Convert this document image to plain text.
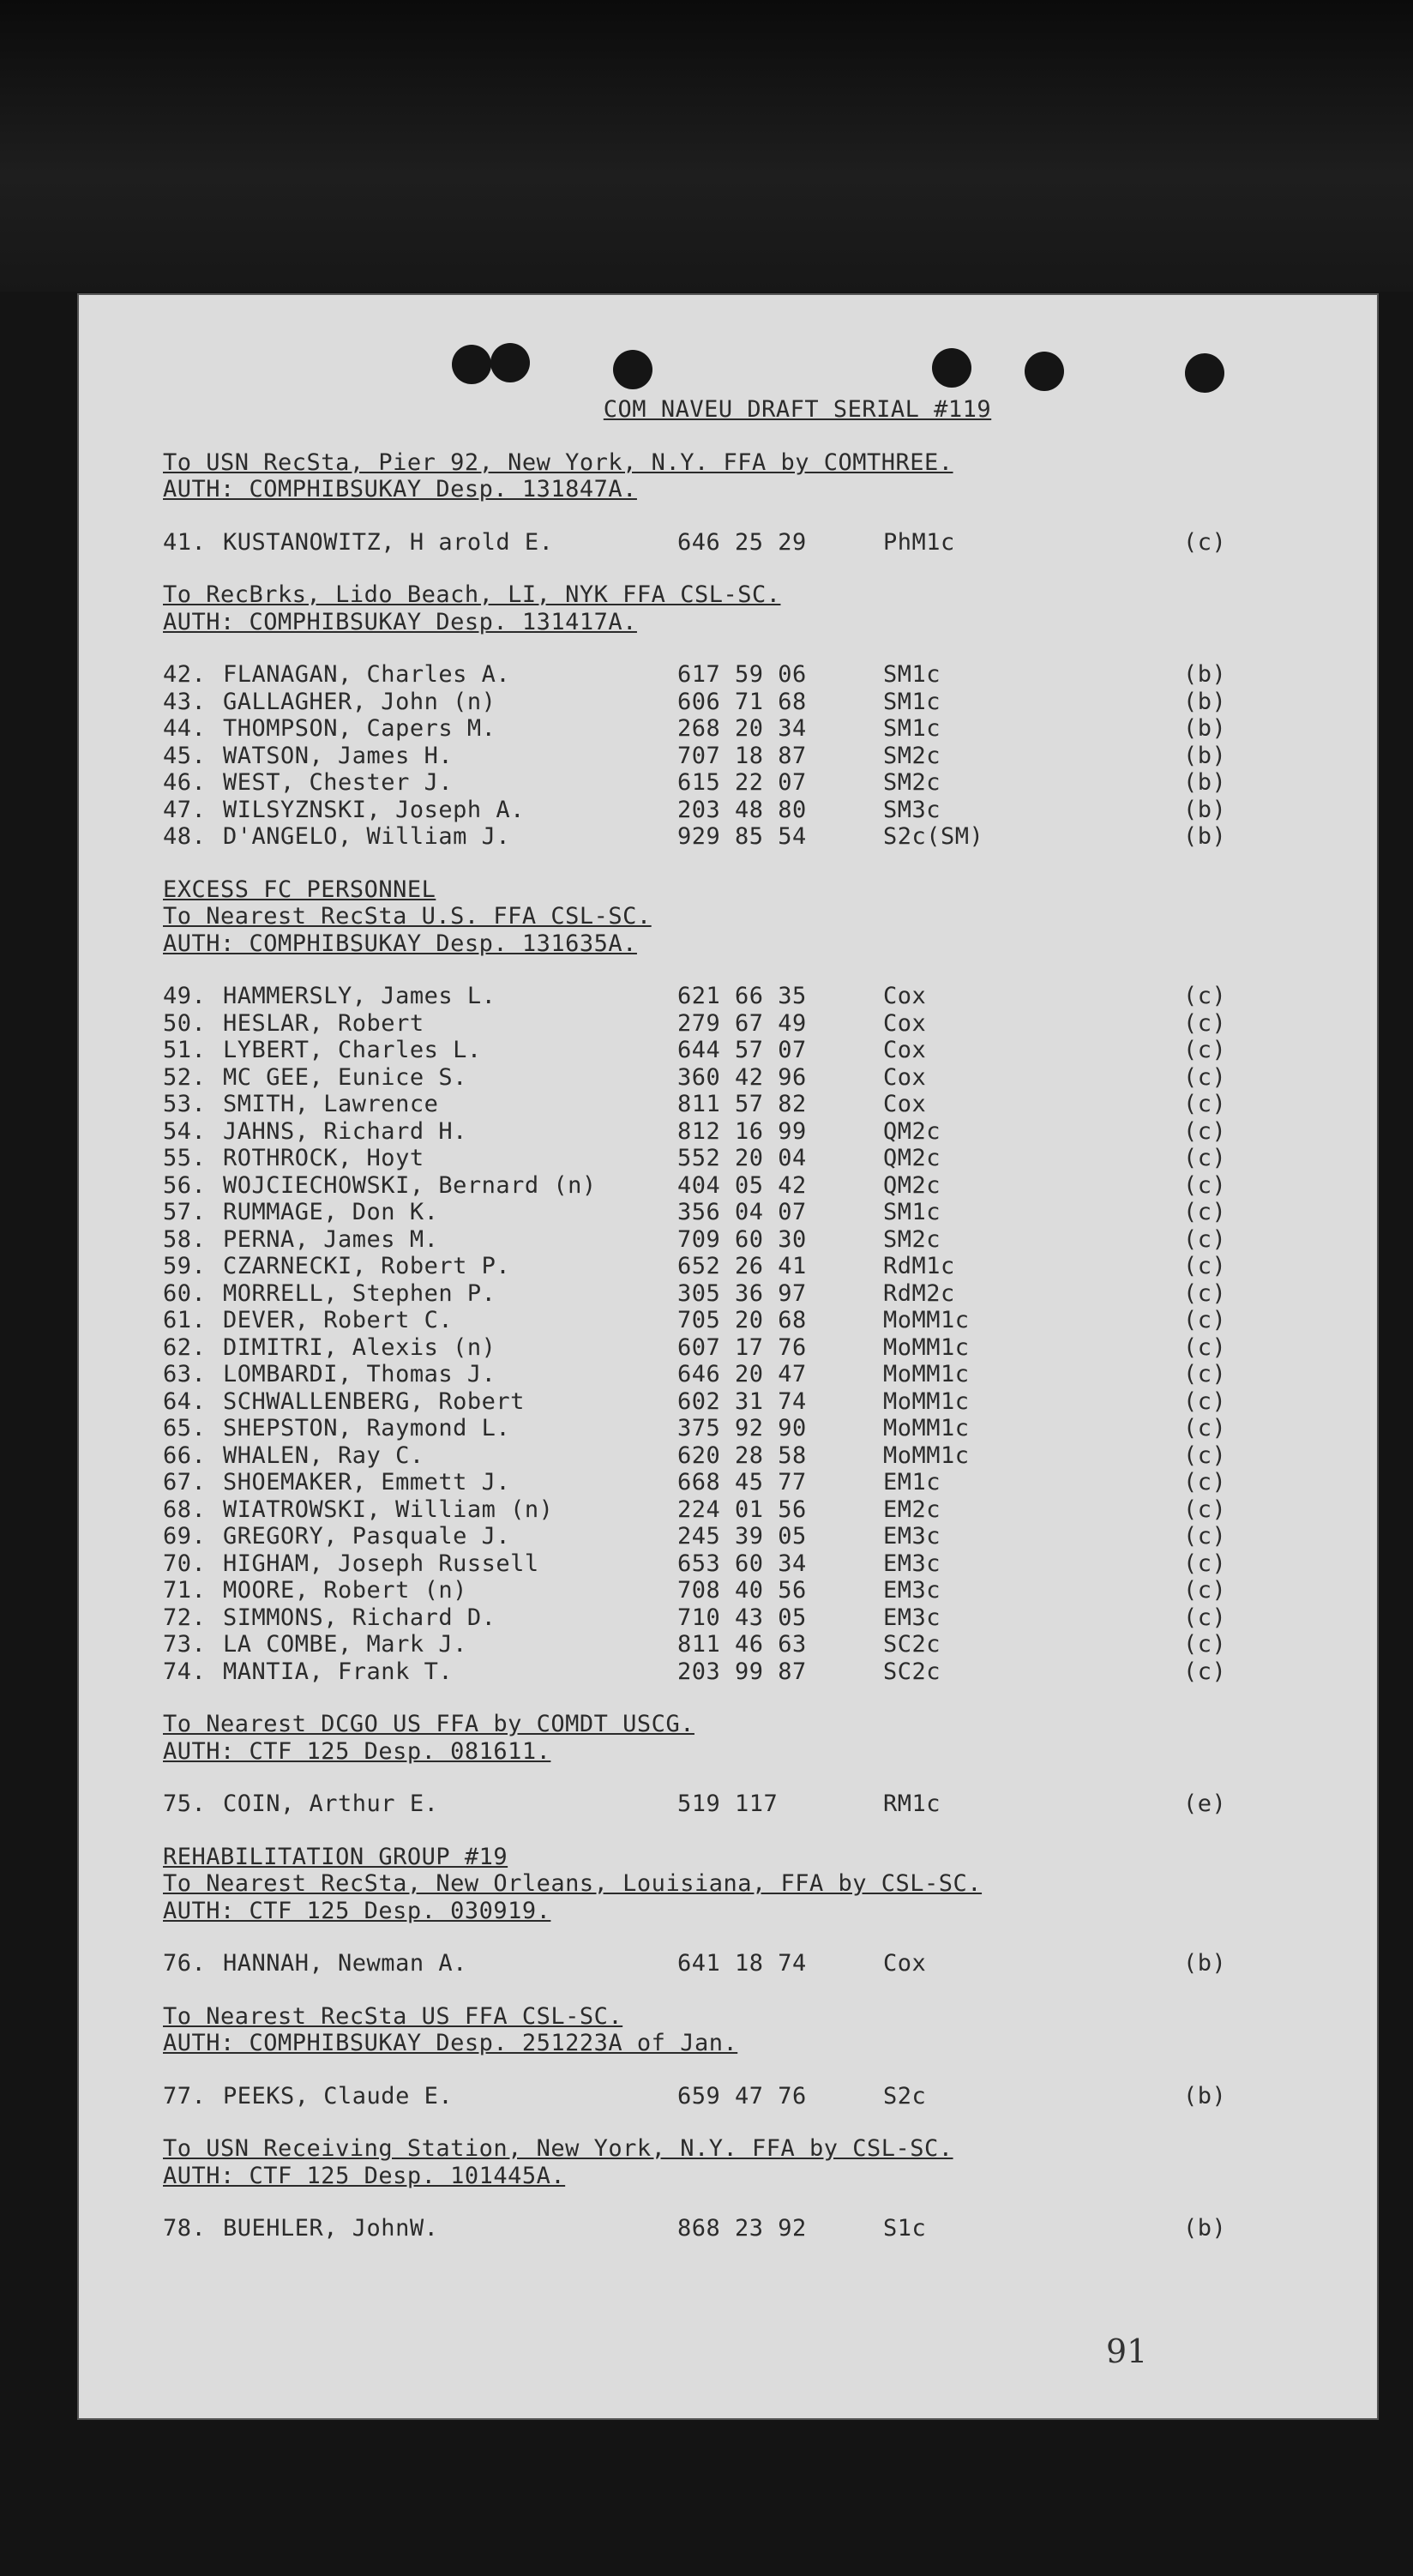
COM NAVEU DRAFT SERIAL #119
To USN RecSta, Pier 92, New York, N.Y. FFA by COMTHREE.
AUTH: COMPHIBSUKAY Desp. 131847A.
41. KUSTANOWITZ, H arold E.	646 25 29	PhM1c	(c)
To RecBrks, Lido Beach, LI, NYK FFA CSL-SC.
AUTH: COMPHIBSUKAY Desp. 131417A.
42. FLANAGAN, Charles A.	617 59 06	SM1c	(b)
43. GALLAGHER, John (n)	606 71 68	SM1c	(b)
44. THOMPSON, Capers M.	268 20 34	SM1c	(b)
45. WATSON, James H.	707 18 87	SM2c	(b)
46. WEST, Chester J.	615 22 07	SM2c	(b)
47. WILSYZNSKI, Joseph A.	203 48 80	SM3c	(b)
48. D'ANGELO, William J.	929 85 54	S2c(SM)	(b)
EXCESS FC PERSONNEL
To Nearest RecSta U.S. FFA CSL-SC.
AUTH: COMPHIBSUKAY Desp. 131635A.
49. HAMMERSLY, James L.	621 66 35	Cox	(c)
50. HESLAR, Robert	279 67 49	Cox	(c)
51. LYBERT, Charles L.	644 57 07	Cox	(c)
52. MC GEE, Eunice S.	360 42 96	Cox	(c)
53. SMITH, Lawrence	811 57 82	Cox	(c)
54. JAHNS, Richard H.	812 16 99	QM2c	(c)
55. ROTHROCK, Hoyt	552 20 04	QM2c	(c)
56. WOJCIECHOWSKI, Bernard (n)	404 05 42	QM2c	(c)
57. RUMMAGE, Don K.	356 04 07	SM1c	(c)
58. PERNA, James M.	709 60 30	SM2c	(c)
59. CZARNECKI, Robert P.	652 26 41	RdM1c	(c)
60. MORRELL, Stephen P.	305 36 97	RdM2c	(c)
61. DEVER, Robert C.	705 20 68	MoMM1c	(c)
62. DIMITRI, Alexis (n)	607 17 76	MoMM1c	(c)
63. LOMBARDI, Thomas J.	646 20 47	MoMM1c	(c)
64. SCHWALLENBERG, Robert	602 31 74	MoMM1c	(c)
65. SHEPSTON, Raymond L.	375 92 90	MoMM1c	(c)
66. WHALEN, Ray C.	620 28 58	MoMM1c	(c)
67. SHOEMAKER, Emmett J.	668 45 77	EM1c	(c)
68. WIATROWSKI, William (n)	224 01 56	EM2c	(c)
69. GREGORY, Pasquale J.	245 39 05	EM3c	(c)
70. HIGHAM, Joseph Russell	653 60 34	EM3c	(c)
71. MOORE, Robert (n)	708 40 56	EM3c	(c)
72. SIMMONS, Richard D.	710 43 05	EM3c	(c)
73. LA COMBE, Mark J.	811 46 63	SC2c	(c)
74. MANTIA, Frank T.	203 99 87	SC2c	(c)
To Nearest DCGO US FFA by COMDT USCG.
AUTH: CTF 125 Desp. 081611.
75. COIN, Arthur E.	519 117	RM1c	(e)
REHABILITATION GROUP #19
To Nearest RecSta, New Orleans, Louisiana, FFA by CSL-SC.
AUTH: CTF 125 Desp. 030919.
76. HANNAH, Newman A.	641 18 74	Cox	(b)
To Nearest RecSta US FFA CSL-SC.
AUTH: COMPHIBSUKAY Desp. 251223A of Jan.
77. PEEKS, Claude E.	659 47 76	S2c	(b)
To USN Receiving Station, New York, N.Y. FFA by CSL-SC.
AUTH: CTF 125 Desp. 101445A.
78. BUEHLER, JohnW.	868 23 92	S1c	(b)
91
